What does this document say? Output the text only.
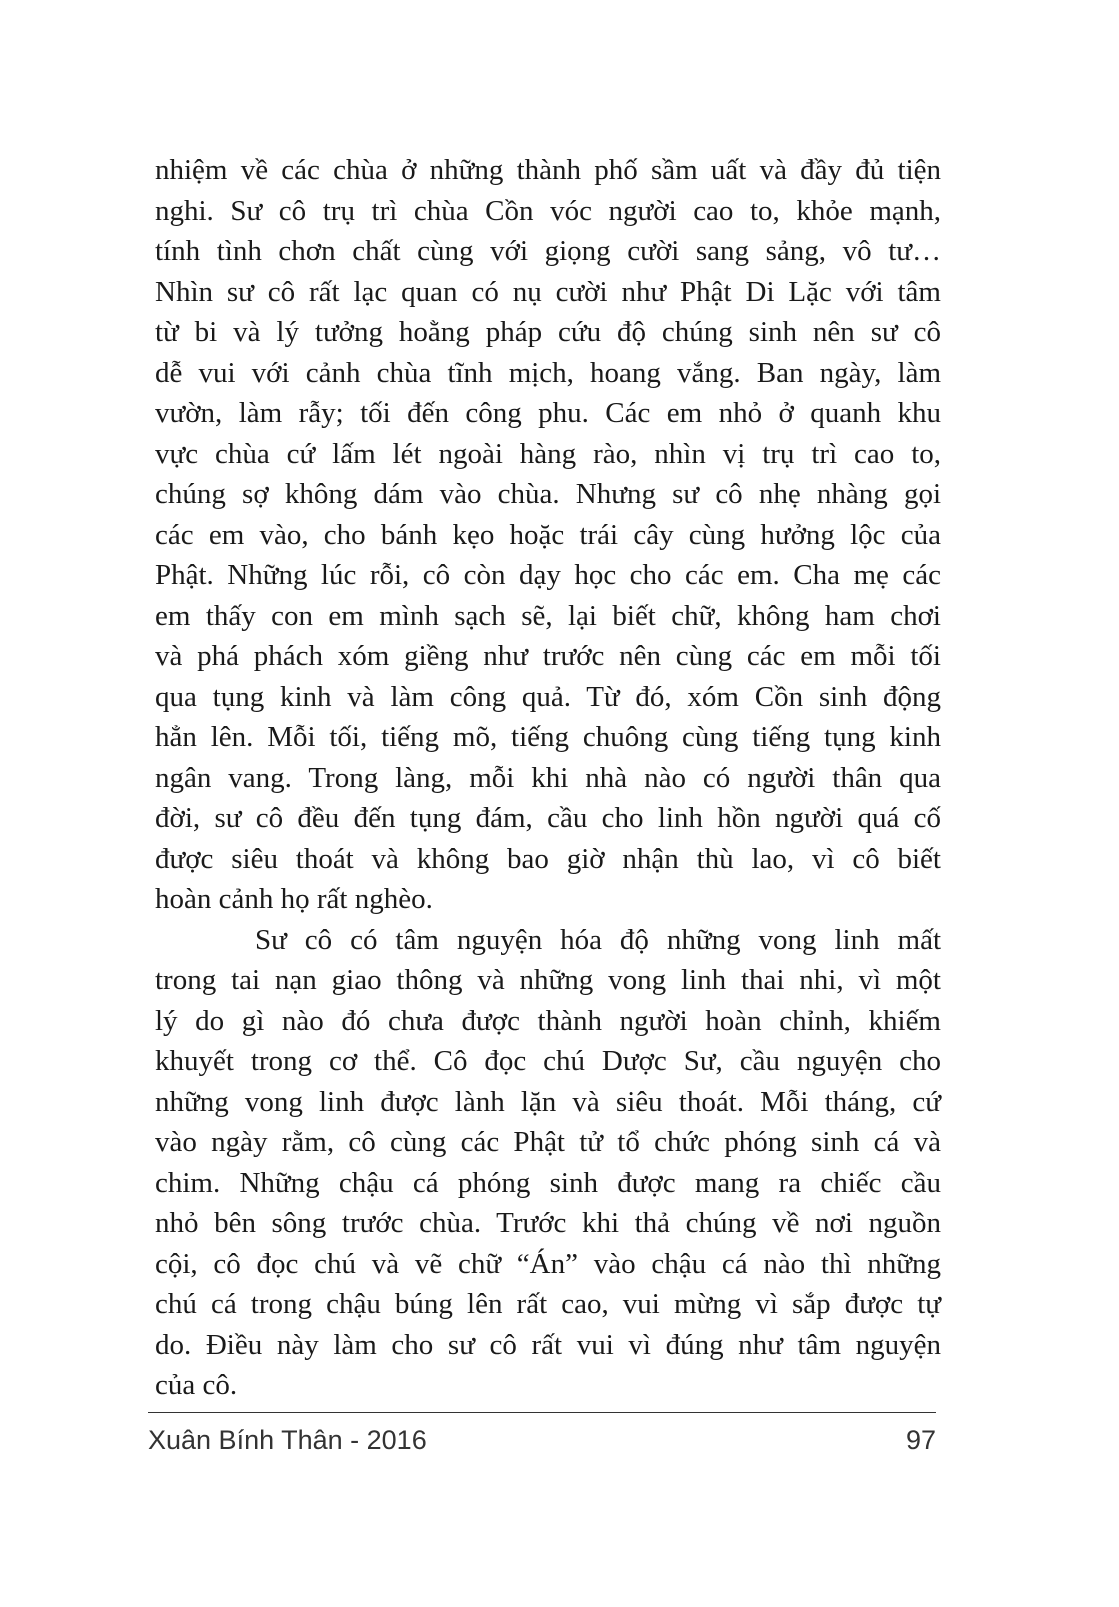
nhiệm về các chùa ở những thành phố sầm uất và đầy đủ tiện
nghi. Sư cô trụ trì chùa Cồn vóc người cao to, khỏe mạnh,
tính tình chơn chất cùng với giọng cười sang sảng, vô tư…
Nhìn sư cô rất lạc quan có nụ cười như Phật Di Lặc với tâm
từ bi và lý tưởng hoằng pháp cứu độ chúng sinh nên sư cô
dễ vui với cảnh chùa tĩnh mịch, hoang vắng. Ban ngày, làm
vườn, làm rẫy; tối đến công phu. Các em nhỏ ở quanh khu
vực chùa cứ lấm lét ngoài hàng rào, nhìn vị trụ trì cao to,
chúng sợ không dám vào chùa. Nhưng sư cô nhẹ nhàng gọi
các em vào, cho bánh kẹo hoặc trái cây cùng hưởng lộc của
Phật. Những lúc rỗi, cô còn dạy học cho các em. Cha mẹ các
em thấy con em mình sạch sẽ, lại biết chữ, không ham chơi
và phá phách xóm giềng như trước nên cùng các em mỗi tối
qua tụng kinh và làm công quả. Từ đó, xóm Cồn sinh động
hẳn lên. Mỗi tối, tiếng mõ, tiếng chuông cùng tiếng tụng kinh
ngân vang. Trong làng, mỗi khi nhà nào có người thân qua
đời, sư cô đều đến tụng đám, cầu cho linh hồn người quá cố
được siêu thoát và không bao giờ nhận thù lao, vì cô biết
hoàn cảnh họ rất nghèo.
Sư cô có tâm nguyện hóa độ những vong linh mất
trong tai nạn giao thông và những vong linh thai nhi, vì một
lý do gì nào đó chưa được thành người hoàn chỉnh, khiếm
khuyết trong cơ thể. Cô đọc chú Dược Sư, cầu nguyện cho
những vong linh được lành lặn và siêu thoát. Mỗi tháng, cứ
vào ngày rằm, cô cùng các Phật tử tổ chức phóng sinh cá và
chim. Những chậu cá phóng sinh được mang ra chiếc cầu
nhỏ bên sông trước chùa. Trước khi thả chúng về nơi nguồn
cội, cô đọc chú và vẽ chữ “Án” vào chậu cá nào thì những
chú cá trong chậu búng lên rất cao, vui mừng vì sắp được tự
do. Điều này làm cho sư cô rất vui vì đúng như tâm nguyện
của cô.
Xuân Bính Thân - 2016	97
